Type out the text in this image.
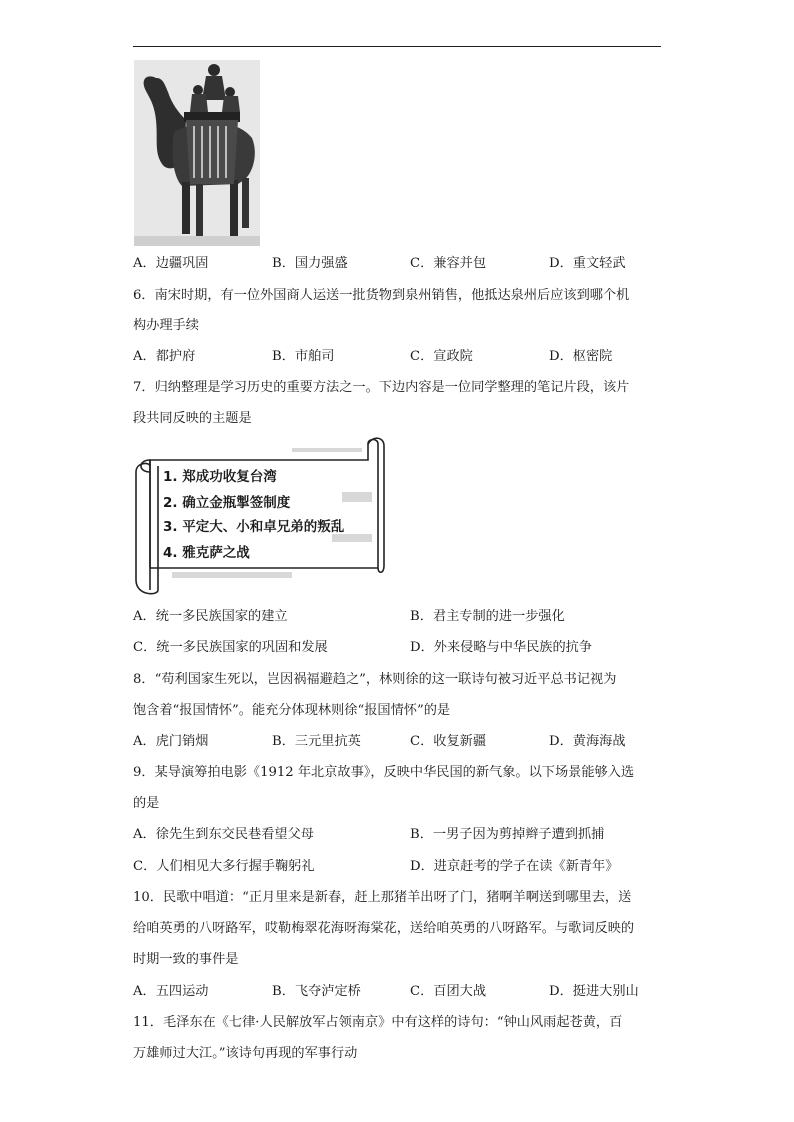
A．边疆巩固	B．国力强盛	C．兼容并包	D．重文轻武
6．南宋时期，有一位外国商人运送一批货物到泉州销售，他抵达泉州后应该到哪个机
构办理手续
A．都护府	B．市舶司	C．宣政院	D．枢密院
7．归纳整理是学习历史的重要方法之一。下边内容是一位同学整理的笔记片段，该片
段共同反映的主题是
1. 郑成功收复台湾
2. 确立金瓶掣签制度
3. 平定大、小和卓兄弟的叛乱
4. 雅克萨之战
A．统一多民族国家的建立	B．君主专制的进一步强化
C．统一多民族国家的巩固和发展	D．外来侵略与中华民族的抗争
8．“苟利国家生死以，岂因祸福避趋之”，林则徐的这一联诗句被习近平总书记视为
饱含着“报国情怀”。能充分体现林则徐“报国情怀”的是
A．虎门销烟	B．三元里抗英	C．收复新疆	D．黄海海战
9．某导演筹拍电影《1912 年北京故事》，反映中华民国的新气象。以下场景能够入选
的是
A．徐先生到东交民巷看望父母	B．一男子因为剪掉辫子遭到抓捕
C．人们相见大多行握手鞠躬礼	D．进京赶考的学子在读《新青年》
10．民歌中唱道：“正月里来是新春，赶上那猪羊出呀了门，猪啊羊啊送到哪里去，送
给咱英勇的八呀路军，哎勒梅翠花海呀海棠花，送给咱英勇的八呀路军。与歌词反映的
时期一致的事件是
A．五四运动	B．飞夺泸定桥	C．百团大战	D．挺进大别山
11．毛泽东在《七律·人民解放军占领南京》中有这样的诗句：“钟山风雨起苍黄，百
万雄师过大江。”该诗句再现的军事行动
